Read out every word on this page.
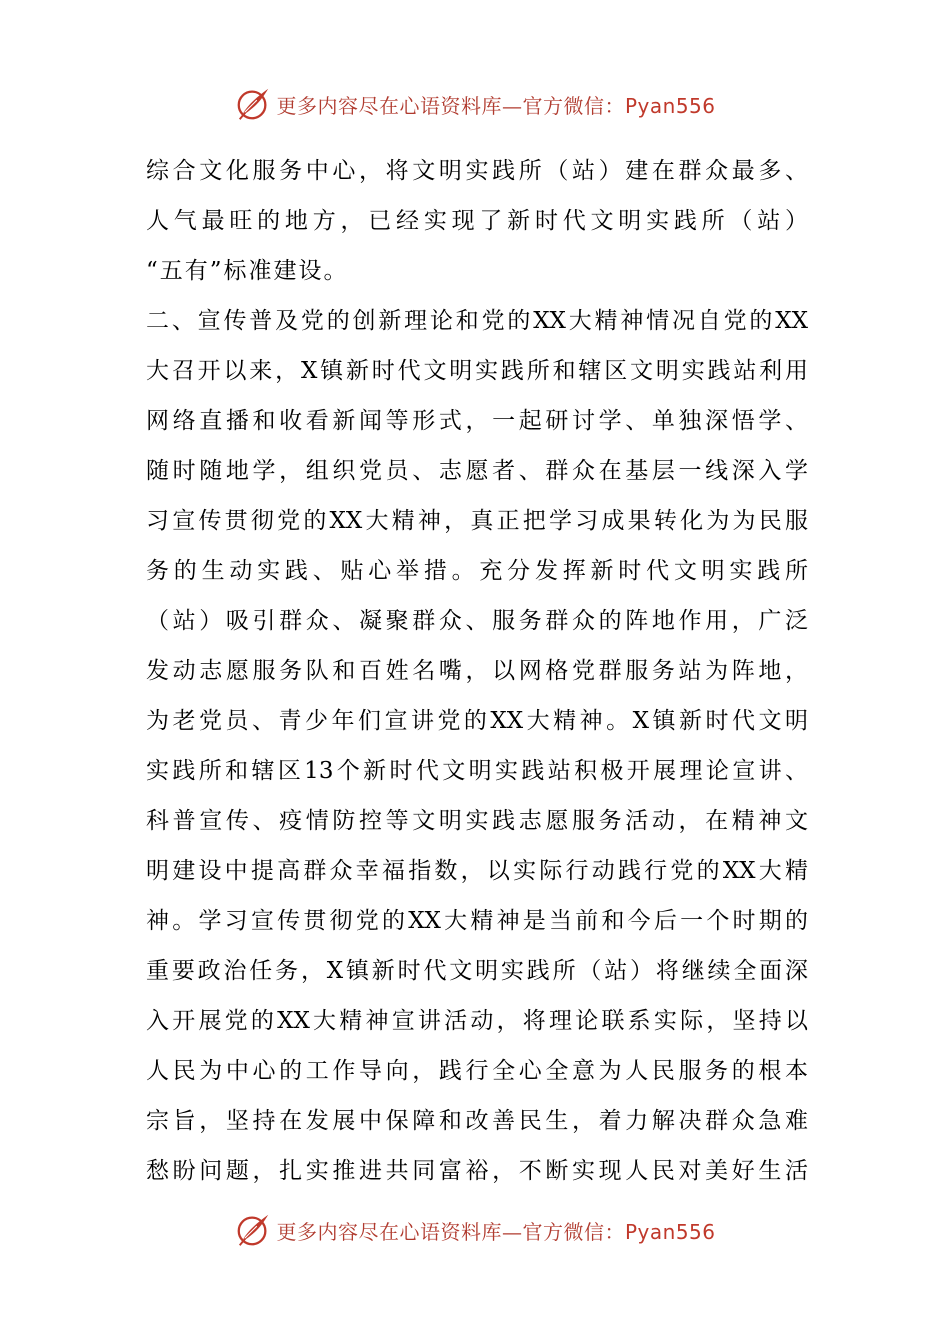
更多内容尽在心语资料库—官方微信：Pyan556
综合文化服务中心，将文明实践所（站）建在群众最多、
人气最旺的地方，已经实现了新时代文明实践所（站）
“五有”标准建设。
二、宣传普及党的创新理论和党的XX大精神情况自党的XX
大召开以来，X镇新时代文明实践所和辖区文明实践站利用
网络直播和收看新闻等形式，一起研讨学、单独深悟学、
随时随地学，组织党员、志愿者、群众在基层一线深入学
习宣传贯彻党的XX大精神，真正把学习成果转化为为民服
务的生动实践、贴心举措。充分发挥新时代文明实践所
（站）吸引群众、凝聚群众、服务群众的阵地作用，广泛
发动志愿服务队和百姓名嘴，以网格党群服务站为阵地，
为老党员、青少年们宣讲党的XX大精神。X镇新时代文明
实践所和辖区13个新时代文明实践站积极开展理论宣讲、
科普宣传、疫情防控等文明实践志愿服务活动，在精神文
明建设中提高群众幸福指数，以实际行动践行党的XX大精
神。学习宣传贯彻党的XX大精神是当前和今后一个时期的
重要政治任务，X镇新时代文明实践所（站）将继续全面深
入开展党的XX大精神宣讲活动，将理论联系实际，坚持以
人民为中心的工作导向，践行全心全意为人民服务的根本
宗旨，坚持在发展中保障和改善民生，着力解决群众急难
愁盼问题，扎实推进共同富裕，不断实现人民对美好生活
更多内容尽在心语资料库—官方微信：Pyan556
